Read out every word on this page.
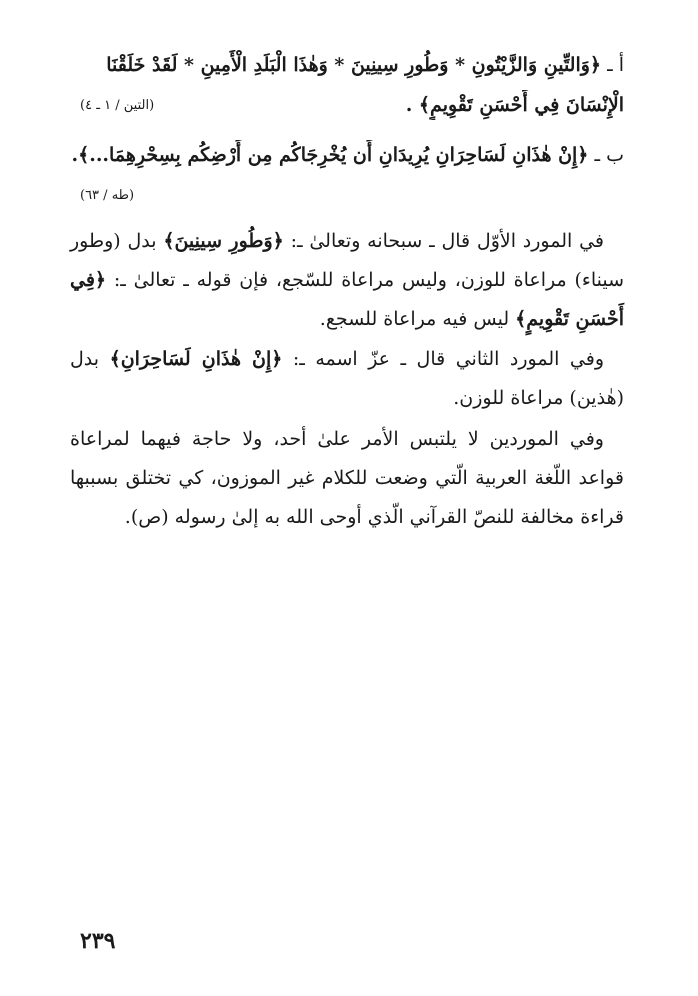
أ ـ ﴿وَالتِّينِ وَالزَّيْتُونِ * وَطُورِ سِينِينَ * وَهٰذَا الْبَلَدِ الْأَمِينِ * لَقَدْ خَلَقْنَا
الْإِنْسَانَ فِي أَحْسَنِ تَقْوِيمٍ﴾ .
(التين / ١ ـ ٤)
ب ـ ﴿إِنْ هٰذَانِ لَسَاحِرَانِ يُرِيدَانِ أَن يُخْرِجَاكُم مِن أَرْضِكُم بِسِحْرِهِمَا...﴾.
(طه / ٦٣)
في المورد الأوّل قال ـ سبحانه وتعالىٰ ـ: ﴿وَطُورِ سِينِينَ﴾ بدل (وطور سيناء) مراعاة للوزن، وليس مراعاة للسّجع، فإن قوله ـ تعالىٰ ـ: ﴿فِي أَحْسَنِ تَقْوِيمٍ﴾ ليس فيه مراعاة للسجع.
وفي المورد الثاني قال ـ عزّ اسمه ـ: ﴿إِنْ هٰذَانِ لَسَاحِرَانِ﴾ بدل (هٰذين) مراعاة للوزن.
وفي الموردين لا يلتبس الأمر علىٰ أحد، ولا حاجة فيهما لمراعاة قواعد اللّغة العربية الّتي وضعت للكلام غير الموزون، كي تختلق بسببها قراءة مخالفة للنصّ القرآني الّذي أوحى الله به إلىٰ رسوله (ص).
٢٣٩
